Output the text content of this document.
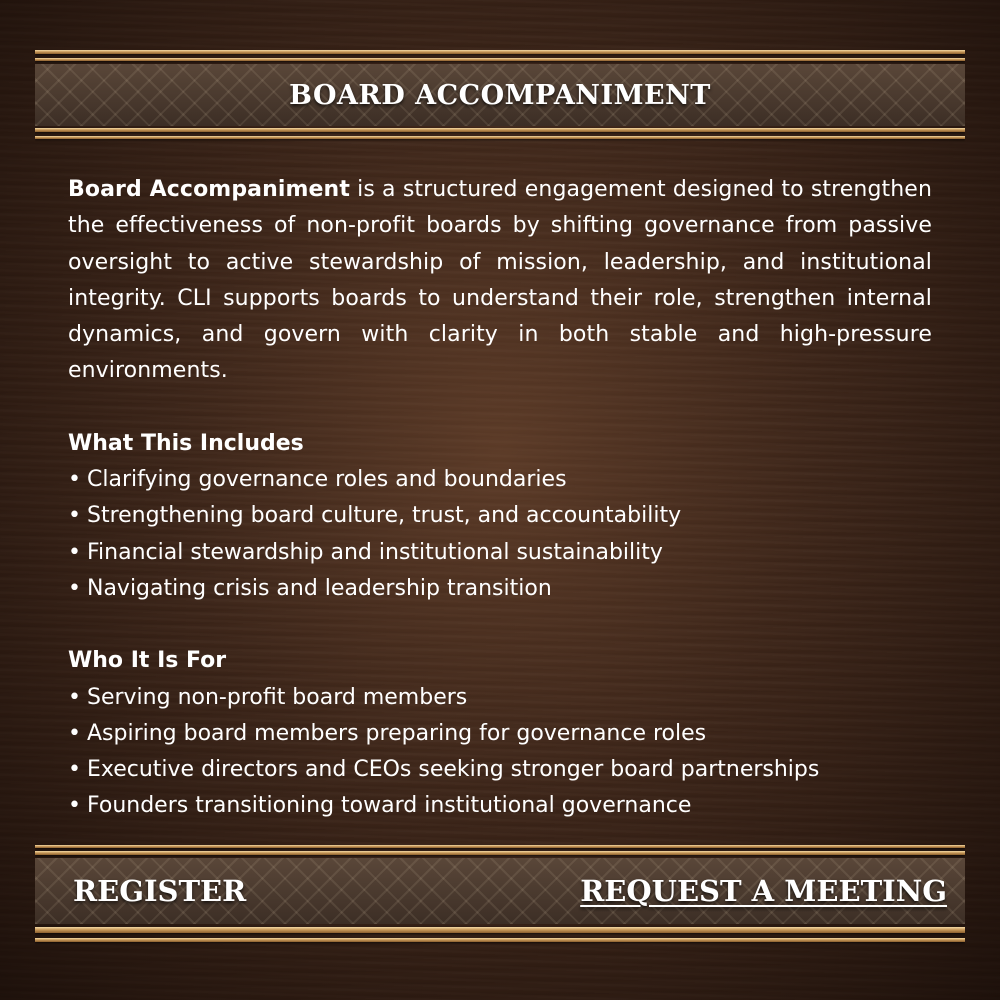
BOARD ACCOMPANIMENT

Board Accompaniment is a structured engagement designed to strengthen the effectiveness of non-profit boards by shifting governance from passive oversight to active stewardship of mission, leadership, and institutional integrity. CLI supports boards to understand their role, strengthen internal dynamics, and govern with clarity in both stable and high-pressure environments.

What This Includes
• Clarifying governance roles and boundaries
• Strengthening board culture, trust, and accountability
• Financial stewardship and institutional sustainability
• Navigating crisis and leadership transition
Who It Is For
• Serving non-profit board members
• Aspiring board members preparing for governance roles
• Executive directors and CEOs seeking stronger board partnerships
• Founders transitioning toward institutional governance
REGISTER	REQUEST A MEETING
